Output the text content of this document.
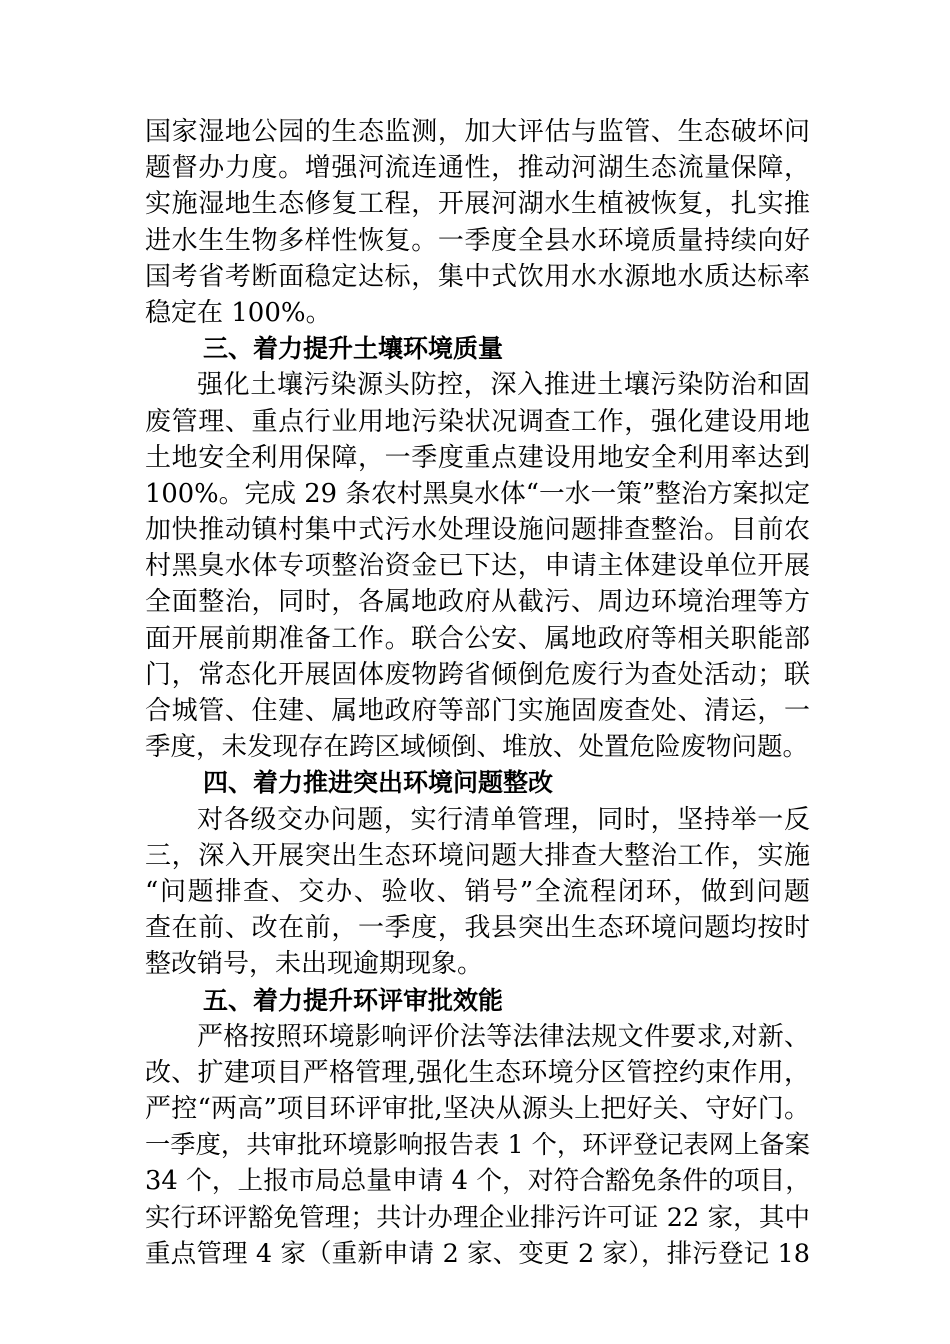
国家湿地公园的生态监测，加大评估与监管、生态破坏问
题督办力度。增强河流连通性，推动河湖生态流量保障，
实施湿地生态修复工程，开展河湖水生植被恢复，扎实推
进水生生物多样性恢复。一季度全县水环境质量持续向好
国考省考断面稳定达标，集中式饮用水水源地水质达标率
稳定在 100%。
三、着力提升土壤环境质量
强化土壤污染源头防控，深入推进土壤污染防治和固
废管理、重点行业用地污染状况调查工作，强化建设用地
土地安全利用保障，一季度重点建设用地安全利用率达到
100%。完成 29 条农村黑臭水体“一水一策”整治方案拟定
加快推动镇村集中式污水处理设施问题排查整治。目前农
村黑臭水体专项整治资金已下达，申请主体建设单位开展
全面整治，同时，各属地政府从截污、周边环境治理等方
面开展前期准备工作。联合公安、属地政府等相关职能部
门，常态化开展固体废物跨省倾倒危废行为查处活动；联
合城管、住建、属地政府等部门实施固废查处、清运，一
季度，未发现存在跨区域倾倒、堆放、处置危险废物问题。
四、着力推进突出环境问题整改
对各级交办问题，实行清单管理，同时，坚持举一反
三，深入开展突出生态环境问题大排查大整治工作，实施
“问题排查、交办、验收、销号”全流程闭环，做到问题
查在前、改在前，一季度，我县突出生态环境问题均按时
整改销号，未出现逾期现象。
五、着力提升环评审批效能
严格按照环境影响评价法等法律法规文件要求,对新、
改、扩建项目严格管理,强化生态环境分区管控约束作用，
严控“两高”项目环评审批,坚决从源头上把好关、守好门。
一季度，共审批环境影响报告表 1 个，环评登记表网上备案
34 个，上报市局总量申请 4 个，对符合豁免条件的项目，
实行环评豁免管理；共计办理企业排污许可证 22 家，其中
重点管理 4 家（重新申请 2 家、变更 2 家），排污登记 18
